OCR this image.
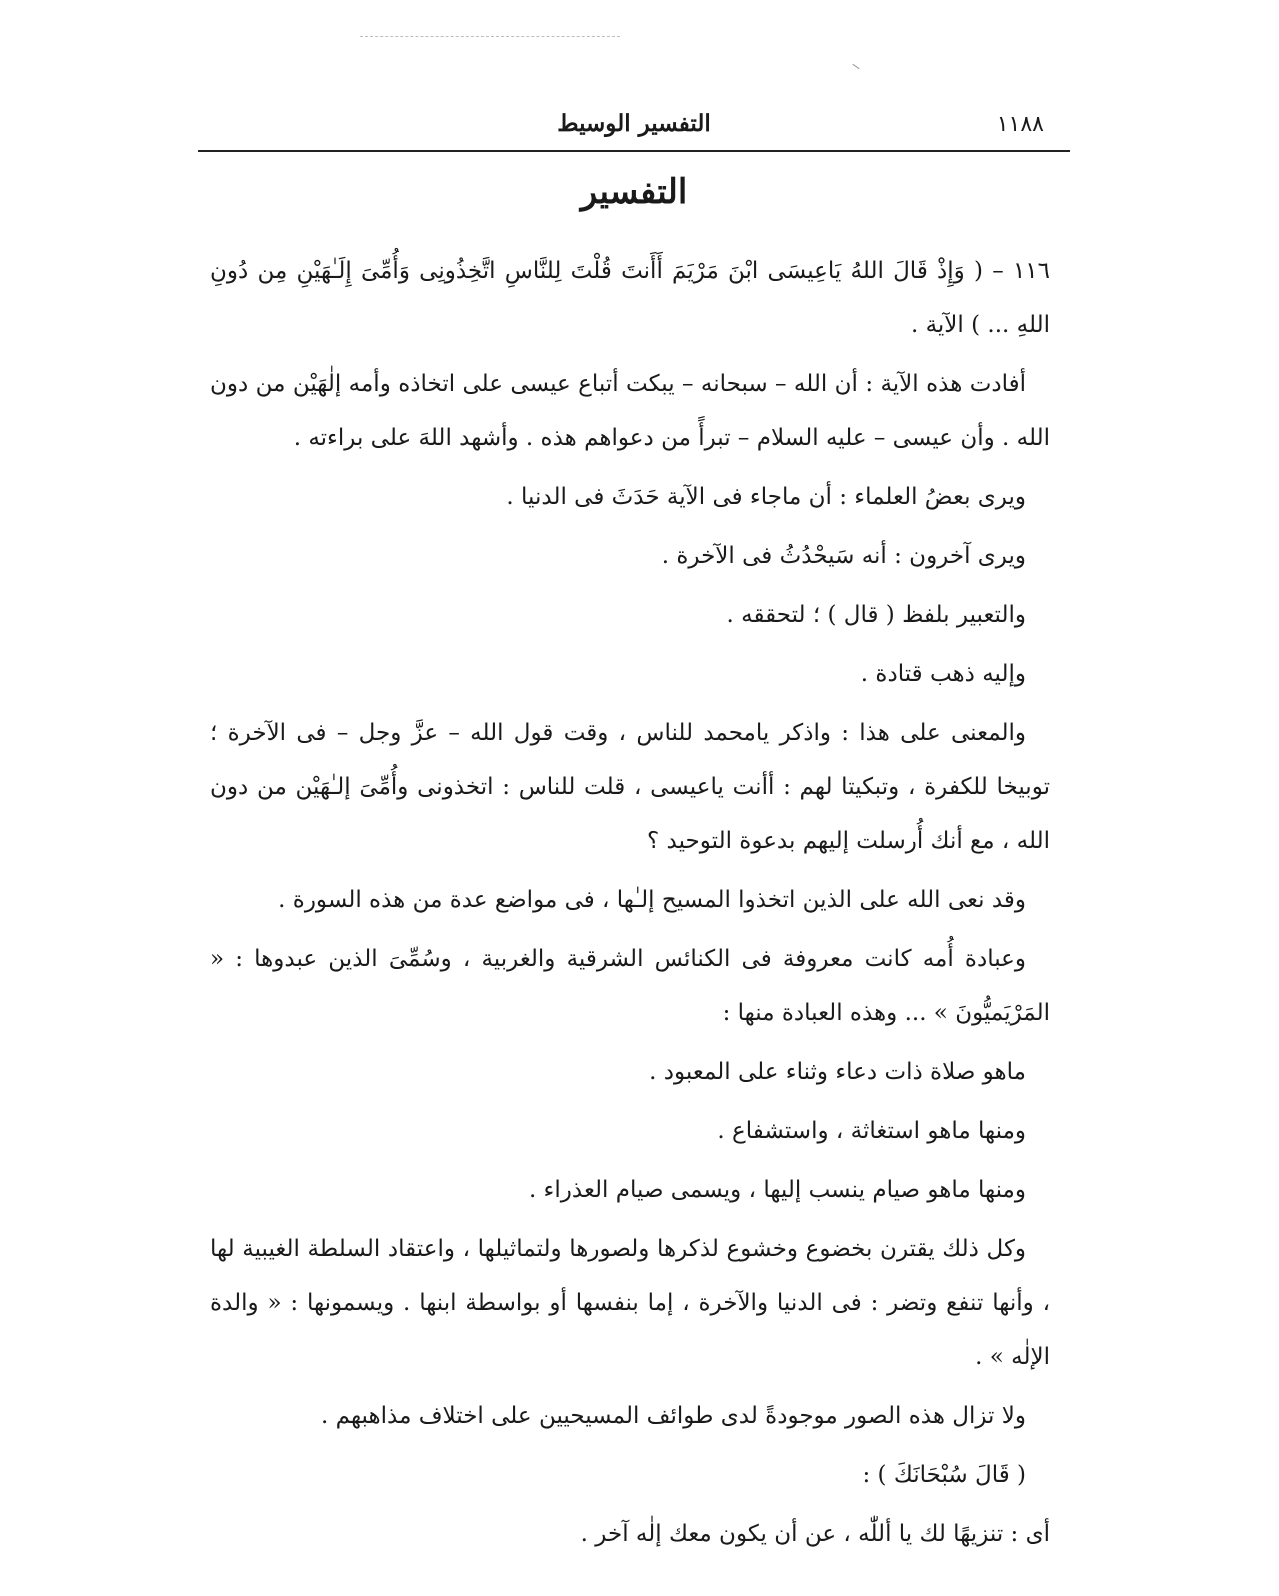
١١٨٨
التفسير الوسيط
التفسير

١١٦ – ( وَإِذْ قَالَ اللهُ يَاعِيسَى ابْنَ مَرْيَمَ أَأَنتَ قُلْتَ لِلنَّاسِ اتَّخِذُونِى وَأُمِّىَ إِلَـٰهَيْنِ مِن دُونِ اللهِ ... ) الآية .

أفادت هذه الآية : أن الله – سبحانه – يبكت أتباع عيسى على اتخاذه وأمه إلٰهَيْن من دون الله . وأن عيسى – عليه السلام – تبرأً من دعواهم هذه . وأشهد اللهَ على براءته .

ويرى بعضُ العلماء : أن ماجاء فى الآية حَدَثَ فى الدنيا .

ويرى آخرون : أنه سَيحْدُثُ فى الآخرة .

والتعبير بلفظ ( قال ) ؛ لتحققه .

وإليه ذهب قتادة .

والمعنى على هذا : واذكر يامحمد للناس ، وقت قول الله – عزَّ وجل – فى الآخرة ؛ توبيخا للكفرة ، وتبكيتا لهم : أأنت ياعيسى ، قلت للناس : اتخذونى وأُمِّىَ إلـٰهَيْن من دون الله ، مع أنك أُرسلت إليهم بدعوة التوحيد ؟

وقد نعى الله على الذين اتخذوا المسيح إلـٰها ، فى مواضع عدة من هذه السورة .

وعبادة أُمه كانت معروفة فى الكنائس الشرقية والغربية ، وسُمِّىَ الذين عبدوها : « المَرْيَميُّونَ » ... وهذه العبادة منها :

ماهو صلاة ذات دعاء وثناء على المعبود .

ومنها ماهو استغاثة ، واستشفاع .

ومنها ماهو صيام ينسب إليها ، ويسمى صيام العذراء .

وكل ذلك يقترن بخضوع وخشوع لذكرها ولصورها ولتماثيلها ، واعتقاد السلطة الغيبية لها ، وأنها تنفع وتضر : فى الدنيا والآخرة ، إما بنفسها أو بواسطة ابنها . ويسمونها : « والدة الإلٰه » .

ولا تزال هذه الصور موجودةً لدى طوائف المسيحيين على اختلاف مذاهبهم .

( قَالَ سُبْحَانَكَ ) :

أى : تنزيهًا لك يا أللّٰه ، عن أن يكون معك إلٰه آخر .
